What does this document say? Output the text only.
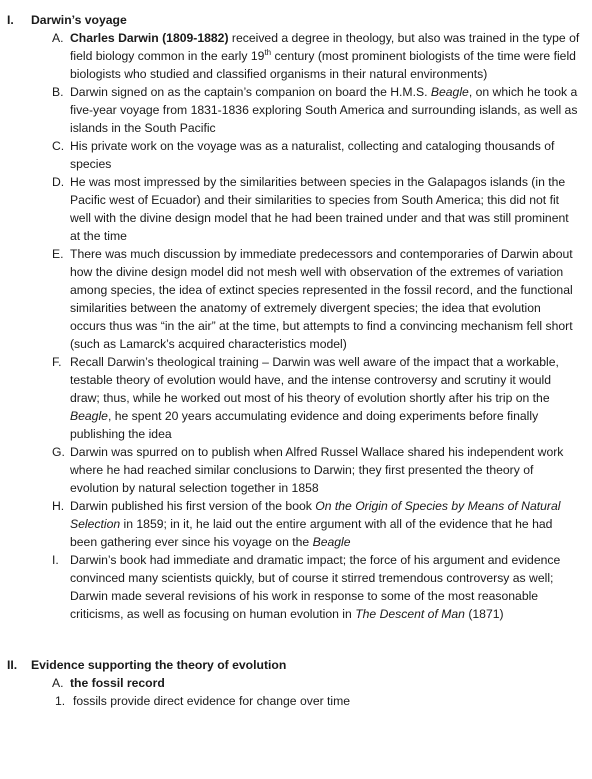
I. Darwin’s voyage
A. Charles Darwin (1809-1882) received a degree in theology, but also was trained in the type of field biology common in the early 19th century (most prominent biologists of the time were field biologists who studied and classified organisms in their natural environments)
B. Darwin signed on as the captain’s companion on board the H.M.S. Beagle, on which he took a five-year voyage from 1831-1836 exploring South America and surrounding islands, as well as islands in the South Pacific
C. His private work on the voyage was as a naturalist, collecting and cataloging thousands of species
D. He was most impressed by the similarities between species in the Galapagos islands (in the Pacific west of Ecuador) and their similarities to species from South America; this did not fit well with the divine design model that he had been trained under and that was still prominent at the time
E. There was much discussion by immediate predecessors and contemporaries of Darwin about how the divine design model did not mesh well with observation of the extremes of variation among species, the idea of extinct species represented in the fossil record, and the functional similarities between the anatomy of extremely divergent species; the idea that evolution occurs thus was “in the air” at the time, but attempts to find a convincing mechanism fell short (such as Lamarck’s acquired characteristics model)
F. Recall Darwin’s theological training – Darwin was well aware of the impact that a workable, testable theory of evolution would have, and the intense controversy and scrutiny it would draw; thus, while he worked out most of his theory of evolution shortly after his trip on the Beagle, he spent 20 years accumulating evidence and doing experiments before finally publishing the idea
G. Darwin was spurred on to publish when Alfred Russel Wallace shared his independent work where he had reached similar conclusions to Darwin; they first presented the theory of evolution by natural selection together in 1858
H. Darwin published his first version of the book On the Origin of Species by Means of Natural Selection in 1859; in it, he laid out the entire argument with all of the evidence that he had been gathering ever since his voyage on the Beagle
I. Darwin’s book had immediate and dramatic impact; the force of his argument and evidence convinced many scientists quickly, but of course it stirred tremendous controversy as well; Darwin made several revisions of his work in response to some of the most reasonable criticisms, as well as focusing on human evolution in The Descent of Man (1871)
II. Evidence supporting the theory of evolution
A. the fossil record
1. fossils provide direct evidence for change over time
